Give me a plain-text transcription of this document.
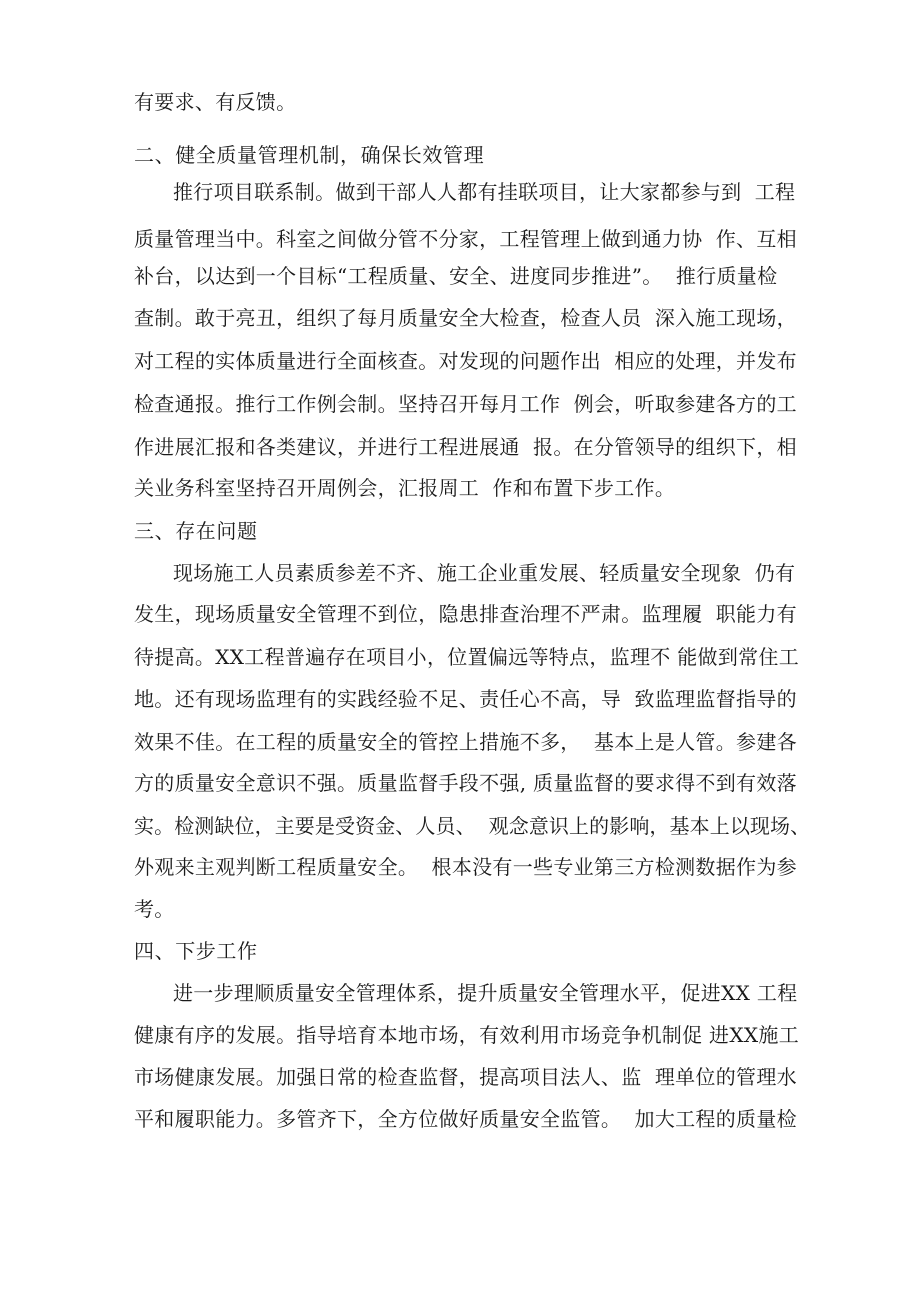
有要求、有反馈。
二、健全质量管理机制，确保长效管理
推行项目联系制。做到干部人人都有挂联项目，让大家都参与到  工程
质量管理当中。科室之间做分管不分家，工程管理上做到通力协  作、互相
补台，以达到一个目标“工程质量、安全、进度同步推进”。  推行质量检
查制。敢于亮丑，组织了每月质量安全大检查，检查人员  深入施工现场，
对工程的实体质量进行全面核查。对发现的问题作出  相应的处理，并发布
检查通报。推行工作例会制。坚持召开每月工作  例会，听取参建各方的工
作进展汇报和各类建议，并进行工程进展通  报。在分管领导的组织下，相
关业务科室坚持召开周例会，汇报周工  作和布置下步工作。
三、存在问题
现场施工人员素质参差不齐、施工企业重发展、轻质量安全现象  仍有
发生，现场质量安全管理不到位，隐患排查治理不严肃。监理履  职能力有
待提高。XX工程普遍存在项目小，位置偏远等特点，监理不 能做到常住工
地。还有现场监理有的实践经验不足、责任心不高，导  致监理监督指导的
效果不佳。在工程的质量安全的管控上措施不多，  基本上是人管。参建各
方的质量安全意识不强。质量监督手段不强, 质量监督的要求得不到有效落
实。检测缺位，主要是受资金、人员、  观念意识上的影响，基本上以现场、
外观来主观判断工程质量安全。  根本没有一些专业第三方检测数据作为参
考。
四、下步工作
进一步理顺质量安全管理体系，提升质量安全管理水平，促进XX 工程
健康有序的发展。指导培育本地市场，有效利用市场竞争机制促 进XX施工
市场健康发展。加强日常的检查监督，提高项目法人、监  理单位的管理水
平和履职能力。多管齐下，全方位做好质量安全监管。  加大工程的质量检
